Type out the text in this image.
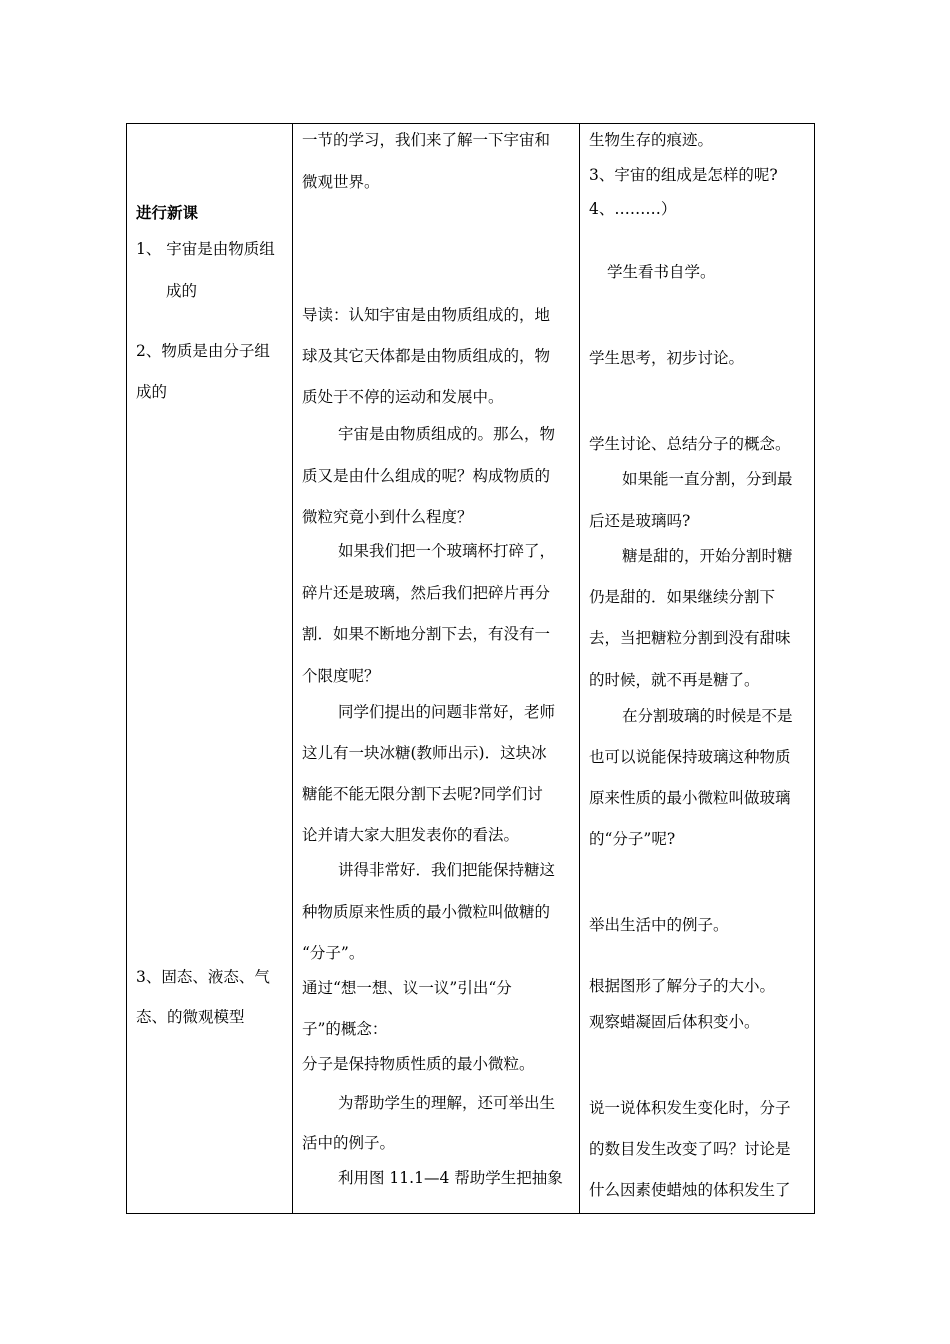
进行新课
1、 宇宙是由物质组
成的
2、物质是由分子组
成的
3、固态、液态、气
态、的微观模型
一节的学习，我们来了解一下宇宙和
微观世界。
导读：认知宇宙是由物质组成的，地
球及其它天体都是由物质组成的，物
质处于不停的运动和发展中。
宇宙是由物质组成的。那么，物
质又是由什么组成的呢？构成物质的
微粒究竟小到什么程度？
如果我们把一个玻璃杯打碎了，
碎片还是玻璃，然后我们把碎片再分
割．如果不断地分割下去，有没有一
个限度呢？
同学们提出的问题非常好，老师
这儿有一块冰糖(教师出示)．这块冰
糖能不能无限分割下去呢?同学们讨
论并请大家大胆发表你的看法。
讲得非常好．我们把能保持糖这
种物质原来性质的最小微粒叫做糖的
“分子”。
通过“想一想、议一议”引出“分
子”的概念：
分子是保持物质性质的最小微粒。
为帮助学生的理解，还可举出生
活中的例子。
利用图 11.1—4 帮助学生把抽象
生物生存的痕迹。
3、宇宙的组成是怎样的呢?
4、………）
学生看书自学。
学生思考，初步讨论。
学生讨论、总结分子的概念。
如果能一直分割，分到最
后还是玻璃吗?
糖是甜的，开始分割时糖
仍是甜的．如果继续分割下
去，当把糖粒分割到没有甜味
的时候，就不再是糖了。
在分割玻璃的时候是不是
也可以说能保持玻璃这种物质
原来性质的最小微粒叫做玻璃
的“分子”呢?
举出生活中的例子。
根据图形了解分子的大小。
观察蜡凝固后体积变小。
说一说体积发生变化时，分子
的数目发生改变了吗？讨论是
什么因素使蜡烛的体积发生了
